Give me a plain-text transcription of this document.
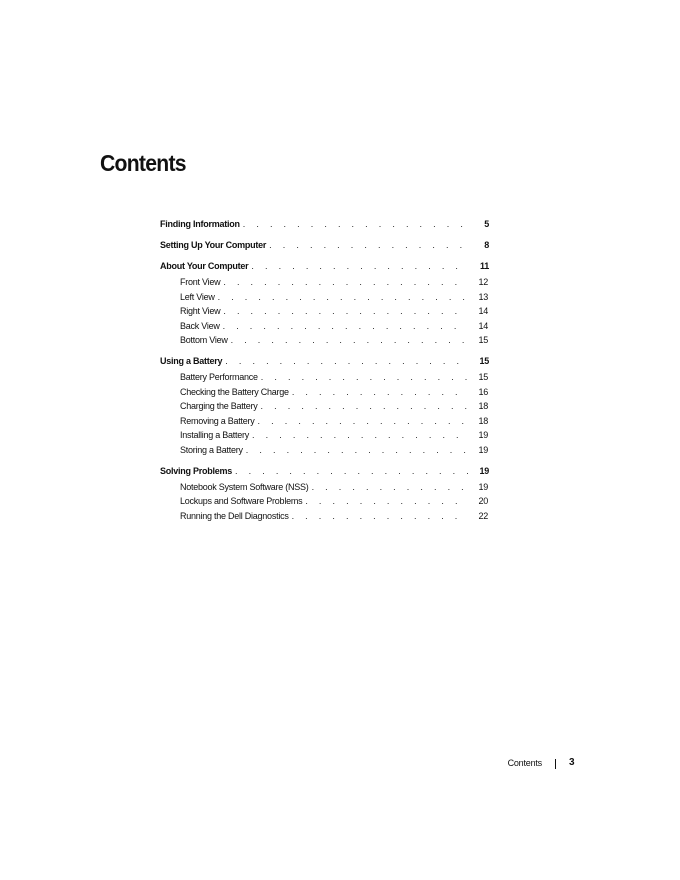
Contents
Finding Information . . .	5
Setting Up Your Computer . . .	8
About Your Computer . . .	11
Front View . . .	12
Left View . . .	13
Right View . . .	14
Back View . . .	14
Bottom View . . .	15
Using a Battery . . .	15
Battery Performance . . .	15
Checking the Battery Charge . . .	16
Charging the Battery . . .	18
Removing a Battery . . .	18
Installing a Battery . . .	19
Storing a Battery . . .	19
Solving Problems . . .	19
Notebook System Software (NSS) . . .	19
Lockups and Software Problems . . .	20
Running the Dell Diagnostics . . .	22
Contents	3
